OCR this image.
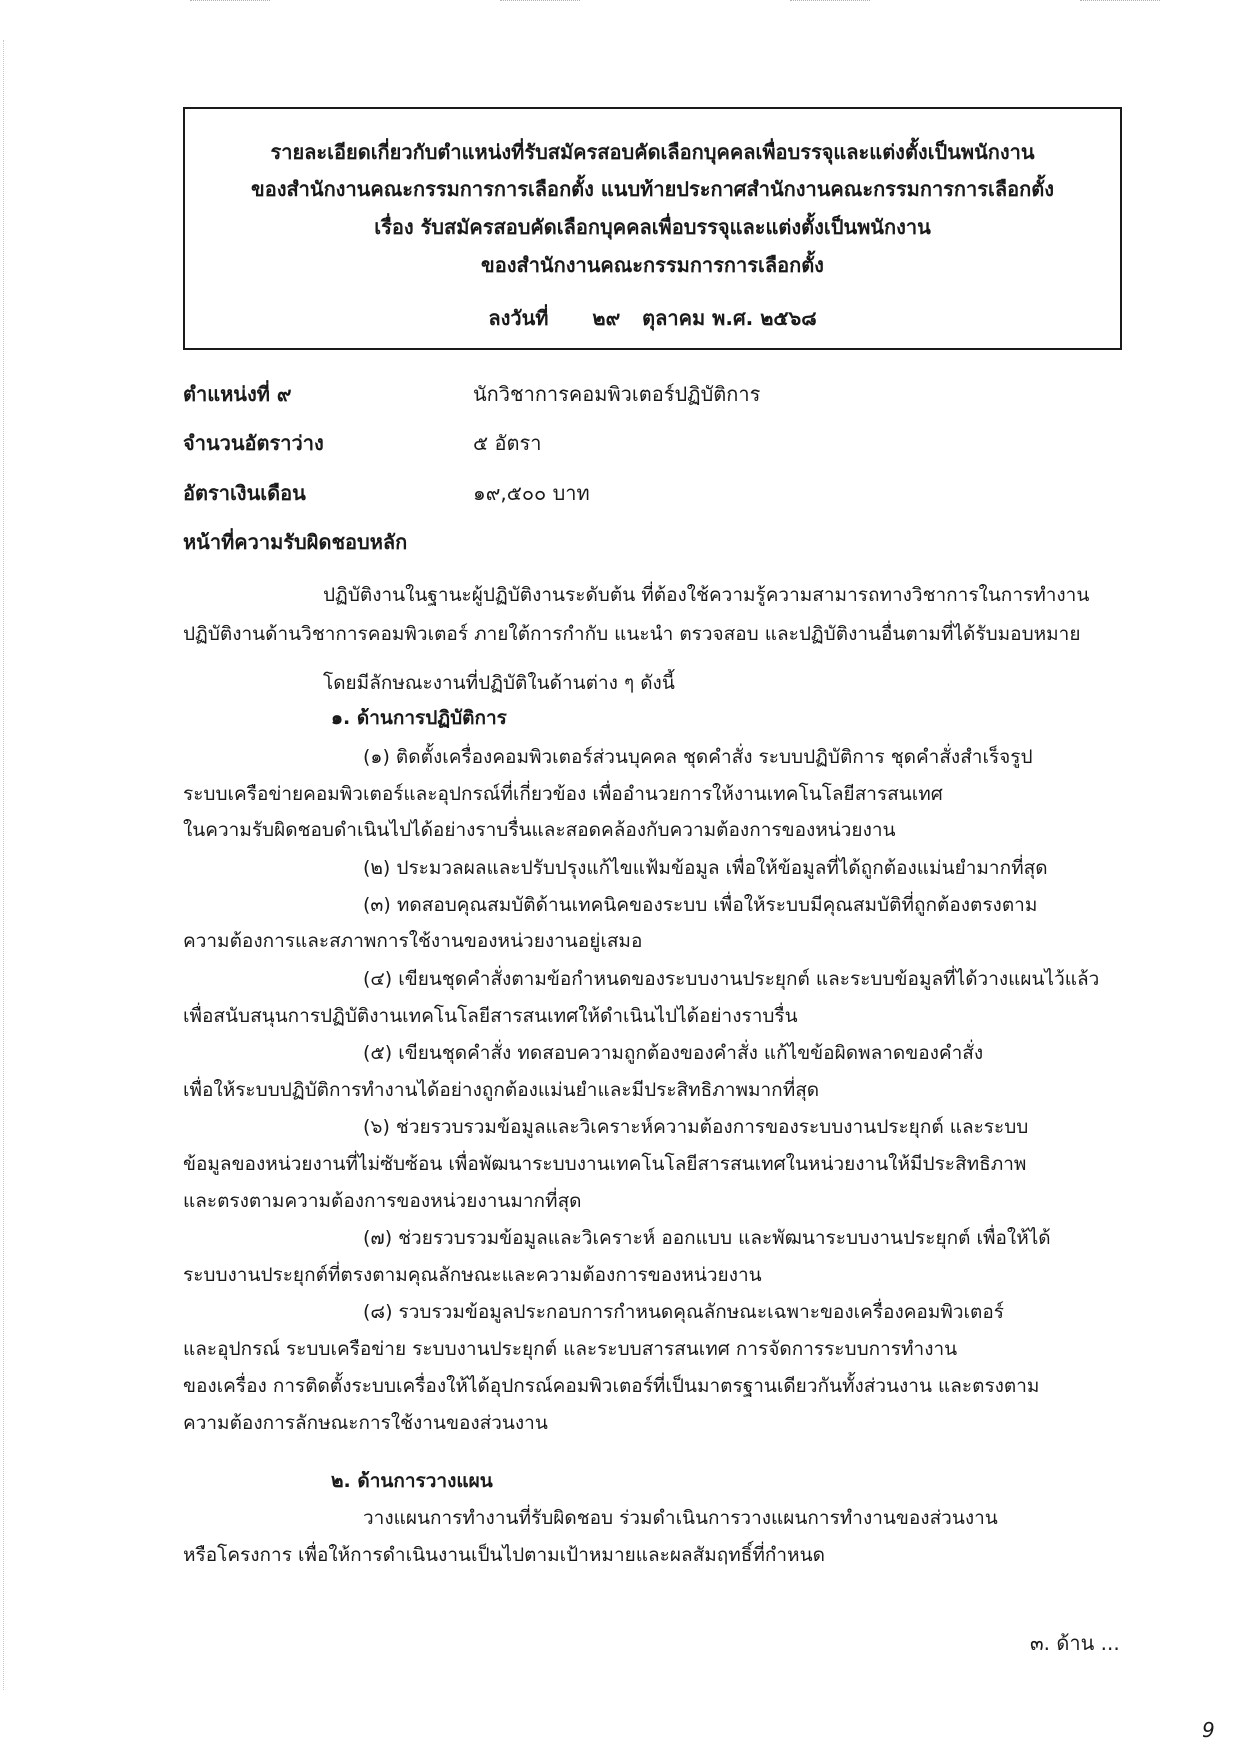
รายละเอียดเกี่ยวกับตำแหน่งที่รับสมัครสอบคัดเลือกบุคคลเพื่อบรรจุและแต่งตั้งเป็นพนักงาน
ของสำนักงานคณะกรรมการการเลือกตั้ง แนบท้ายประกาศสำนักงานคณะกรรมการการเลือกตั้ง
เรื่อง รับสมัครสอบคัดเลือกบุคคลเพื่อบรรจุและแต่งตั้งเป็นพนักงาน
ของสำนักงานคณะกรรมการการเลือกตั้ง
ลงวันที่ ๒๙ ตุลาคม พ.ศ. ๒๕๖๘
ตำแหน่งที่ ๙	นักวิชาการคอมพิวเตอร์ปฏิบัติการ
จำนวนอัตราว่าง	๕ อัตรา
อัตราเงินเดือน	๑๙,๕๐๐ บาท
หน้าที่ความรับผิดชอบหลัก
ปฏิบัติงานในฐานะผู้ปฏิบัติงานระดับต้น ที่ต้องใช้ความรู้ความสามารถทางวิชาการในการทำงาน
ปฏิบัติงานด้านวิชาการคอมพิวเตอร์ ภายใต้การกำกับ แนะนำ ตรวจสอบ และปฏิบัติงานอื่นตามที่ได้รับมอบหมาย
โดยมีลักษณะงานที่ปฏิบัติในด้านต่าง ๆ ดังนี้
๑. ด้านการปฏิบัติการ
(๑) ติดตั้งเครื่องคอมพิวเตอร์ส่วนบุคคล ชุดคำสั่ง ระบบปฏิบัติการ ชุดคำสั่งสำเร็จรูป
ระบบเครือข่ายคอมพิวเตอร์และอุปกรณ์ที่เกี่ยวข้อง เพื่ออำนวยการให้งานเทคโนโลยีสารสนเทศ
ในความรับผิดชอบดำเนินไปได้อย่างราบรื่นและสอดคล้องกับความต้องการของหน่วยงาน
(๒) ประมวลผลและปรับปรุงแก้ไขแฟ้มข้อมูล เพื่อให้ข้อมูลที่ได้ถูกต้องแม่นยำมากที่สุด
(๓) ทดสอบคุณสมบัติด้านเทคนิคของระบบ เพื่อให้ระบบมีคุณสมบัติที่ถูกต้องตรงตาม
ความต้องการและสภาพการใช้งานของหน่วยงานอยู่เสมอ
(๔) เขียนชุดคำสั่งตามข้อกำหนดของระบบงานประยุกต์ และระบบข้อมูลที่ได้วางแผนไว้แล้ว
เพื่อสนับสนุนการปฏิบัติงานเทคโนโลยีสารสนเทศให้ดำเนินไปได้อย่างราบรื่น
(๕) เขียนชุดคำสั่ง ทดสอบความถูกต้องของคำสั่ง แก้ไขข้อผิดพลาดของคำสั่ง
เพื่อให้ระบบปฏิบัติการทำงานได้อย่างถูกต้องแม่นยำและมีประสิทธิภาพมากที่สุด
(๖) ช่วยรวบรวมข้อมูลและวิเคราะห์ความต้องการของระบบงานประยุกต์ และระบบ
ข้อมูลของหน่วยงานที่ไม่ซับซ้อน เพื่อพัฒนาระบบงานเทคโนโลยีสารสนเทศในหน่วยงานให้มีประสิทธิภาพ
และตรงตามความต้องการของหน่วยงานมากที่สุด
(๗) ช่วยรวบรวมข้อมูลและวิเคราะห์ ออกแบบ และพัฒนาระบบงานประยุกต์ เพื่อให้ได้
ระบบงานประยุกต์ที่ตรงตามคุณลักษณะและความต้องการของหน่วยงาน
(๘) รวบรวมข้อมูลประกอบการกำหนดคุณลักษณะเฉพาะของเครื่องคอมพิวเตอร์
และอุปกรณ์ ระบบเครือข่าย ระบบงานประยุกต์ และระบบสารสนเทศ การจัดการระบบการทำงาน
ของเครื่อง การติดตั้งระบบเครื่องให้ได้อุปกรณ์คอมพิวเตอร์ที่เป็นมาตรฐานเดียวกันทั้งส่วนงาน และตรงตาม
ความต้องการลักษณะการใช้งานของส่วนงาน
๒. ด้านการวางแผน
วางแผนการทำงานที่รับผิดชอบ ร่วมดำเนินการวางแผนการทำงานของส่วนงาน
หรือโครงการ เพื่อให้การดำเนินงานเป็นไปตามเป้าหมายและผลสัมฤทธิ์ที่กำหนด
๓. ด้าน ...
9
